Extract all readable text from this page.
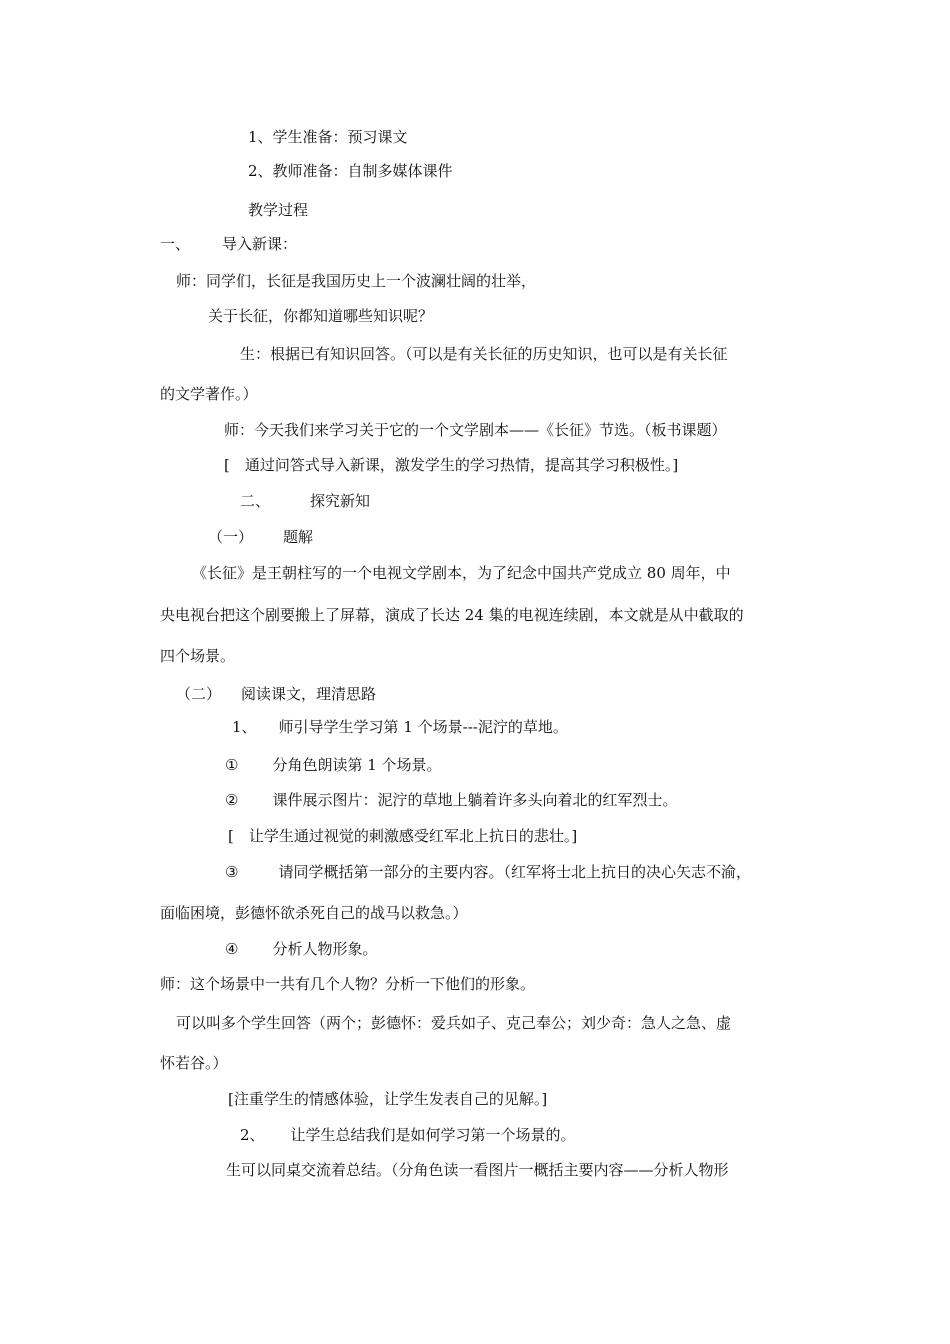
1、学生准备：预习课文
2、教师准备：自制多媒体课件
教学过程
一、 导入新课：
师：同学们，长征是我国历史上一个波澜壮阔的壮举，
关于长征，你都知道哪些知识呢？
生：根据已有知识回答。（可以是有关长征的历史知识，也可以是有关长征
的文学著作。）
师：今天我们来学习关于它的一个文学剧本——《长征》节选。（板书课题）
[　通过问答式导入新课，激发学生的学习热情，提高其学习积极性。]
二、	探究新知
（一） 题解
《长征》是王朝柱写的一个电视文学剧本，为了纪念中国共产党成立 80 周年，中
央电视台把这个剧要搬上了屏幕，演成了长达 24 集的电视连续剧，本文就是从中截取的
四个场景。
（二） 阅读课文，理清思路
1、 师引导学生学习第 1 个场景---泥泞的草地。
① 分角色朗读第 1 个场景。
② 课件展示图片：泥泞的草地上躺着许多头向着北的红军烈士。
[　让学生通过视觉的刺激感受红军北上抗日的悲壮。]
③	请同学概括第一部分的主要内容。（红军将士北上抗日的决心矢志不渝，
面临困境，彭德怀欲杀死自己的战马以救急。）
④ 分析人物形象。
师：这个场景中一共有几个人物？分析一下他们的形象。
可以叫多个学生回答（两个；彭德怀：爱兵如子、克己奉公；刘少奇：急人之急、虚
怀若谷。）
[注重学生的情感体验，让学生发表自己的见解。]
2、 让学生总结我们是如何学习第一个场景的。
生可以同桌交流着总结。（分角色读一看图片一概括主要内容——分析人物形
